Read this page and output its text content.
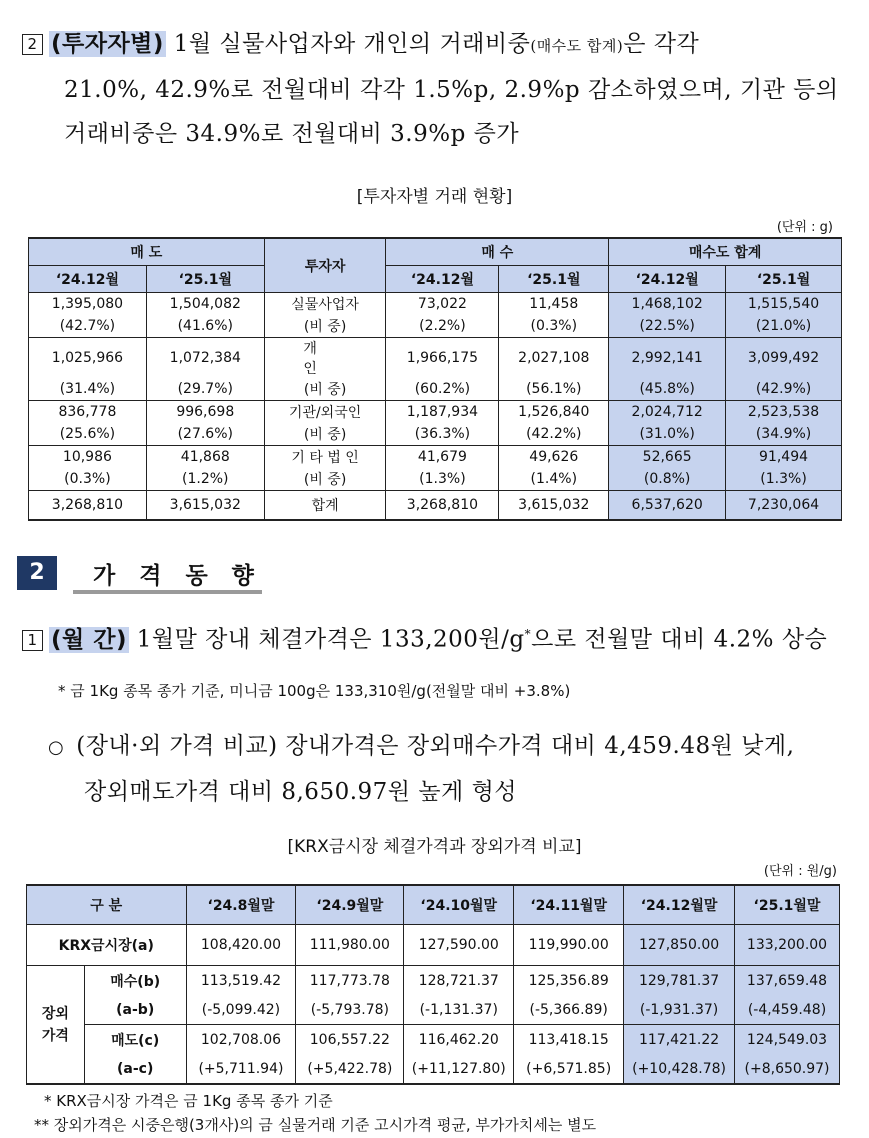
2 (투자자별) 1월 실물사업자와 개인의 거래비중(매수도 합계)은 각각
21.0%, 42.9%로 전월대비 각각 1.5%p, 2.9%p 감소하였으며, 기관 등의
거래비중은 34.9%로 전월대비 3.9%p 증가
[투자자별 거래 현황]
(단위 : g)
매 도		투자자	매 수		매수도 합계	
‘24.12월	‘25.1월		‘24.12월	‘25.1월	‘24.12월	‘25.1월
1,395,080	1,504,082	실물사업자	73,022	11,458	1,468,102	1,515,540
(42.7%)	(41.6%)	(비 중)	(2.2%)	(0.3%)	(22.5%)	(21.0%)
1,025,966	1,072,384	개 인	1,966,175	2,027,108	2,992,141	3,099,492
(31.4%)	(29.7%)	(비 중)	(60.2%)	(56.1%)	(45.8%)	(42.9%)
836,778	996,698	기관/외국인	1,187,934	1,526,840	2,024,712	2,523,538
(25.6%)	(27.6%)	(비 중)	(36.3%)	(42.2%)	(31.0%)	(34.9%)
10,986	41,868	기 타 법 인	41,679	49,626	52,665	91,494
(0.3%)	(1.2%)	(비 중)	(1.3%)	(1.4%)	(0.8%)	(1.3%)
3,268,810	3,615,032	합계	3,268,810	3,615,032	6,537,620	7,230,064
2	가 격 동 향
1 (월 간) 1월말 장내 체결가격은 133,200원/g*으로 전월말 대비 4.2% 상승
* 금 1Kg 종목 종가 기준, 미니금 100g은 133,310원/g(전월말 대비 +3.8%)
○ (장내·외 가격 비교) 장내가격은 장외매수가격 대비 4,459.48원 낮게,
장외매도가격 대비 8,650.97원 높게 형성
[KRX금시장 체결가격과 장외가격 비교]
(단위 : 원/g)
구 분		‘24.8월말	‘24.9월말	‘24.10월말	‘24.11월말	‘24.12월말	‘25.1월말
KRX금시장(a)		108,420.00	111,980.00	127,590.00	119,990.00	127,850.00	133,200.00
장외 가격	매수(b)	113,519.42	117,773.78	128,721.37	125,356.89	129,781.37	137,659.48
	(a-b)	(-5,099.42)	(-5,793.78)	(-1,131.37)	(-5,366.89)	(-1,931.37)	(-4,459.48)
	매도(c)	102,708.06	106,557.22	116,462.20	113,418.15	117,421.22	124,549.03
	(a-c)	(+5,711.94)	(+5,422.78)	(+11,127.80)	(+6,571.85)	(+10,428.78)	(+8,650.97)
* KRX금시장 가격은 금 1Kg 종목 종가 기준
** 장외가격은 시중은행(3개사)의 금 실물거래 기준 고시가격 평균, 부가가치세는 별도
